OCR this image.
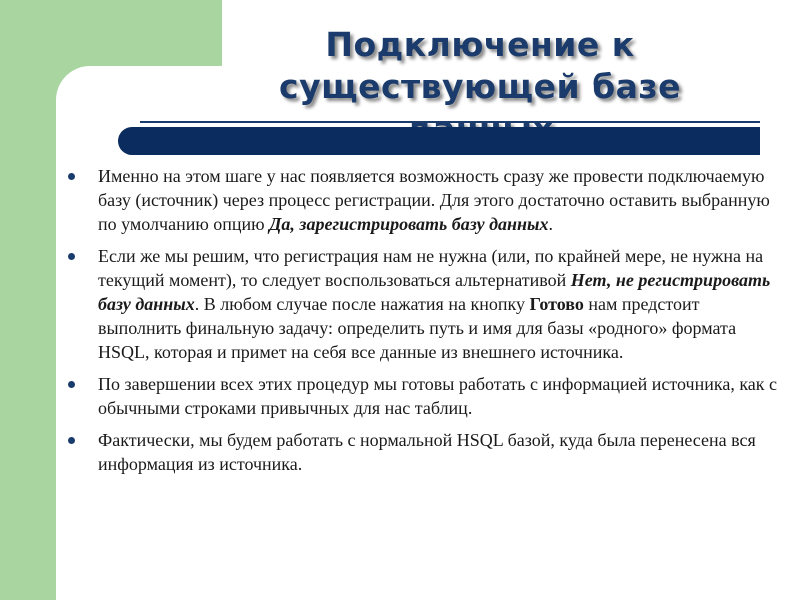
Подключение к
существующей базе
Именно на этом шаге у нас появляется возможность сразу же провести подключаемую базу (источник) через процесс регистрации. Для этого достаточно оставить выбранную по умолчанию опцию Да, зарегистрировать базу данных.
Если же мы решим, что регистрация нам не нужна (или, по крайней мере, не нужна на текущий момент), то следует воспользоваться альтернативой Нет, не регистрировать базу данных. В любом случае после нажатия на кнопку Готово нам предстоит выполнить финальную задачу: определить путь и имя для базы «родного» формата HSQL, которая и примет на себя все данные из внешнего источника.
По завершении всех этих процедур мы готовы работать с информацией источника, как с обычными строками привычных для нас таблиц.
Фактически, мы будем работать с нормальной HSQL базой, куда была перенесена вся информация из источника.
